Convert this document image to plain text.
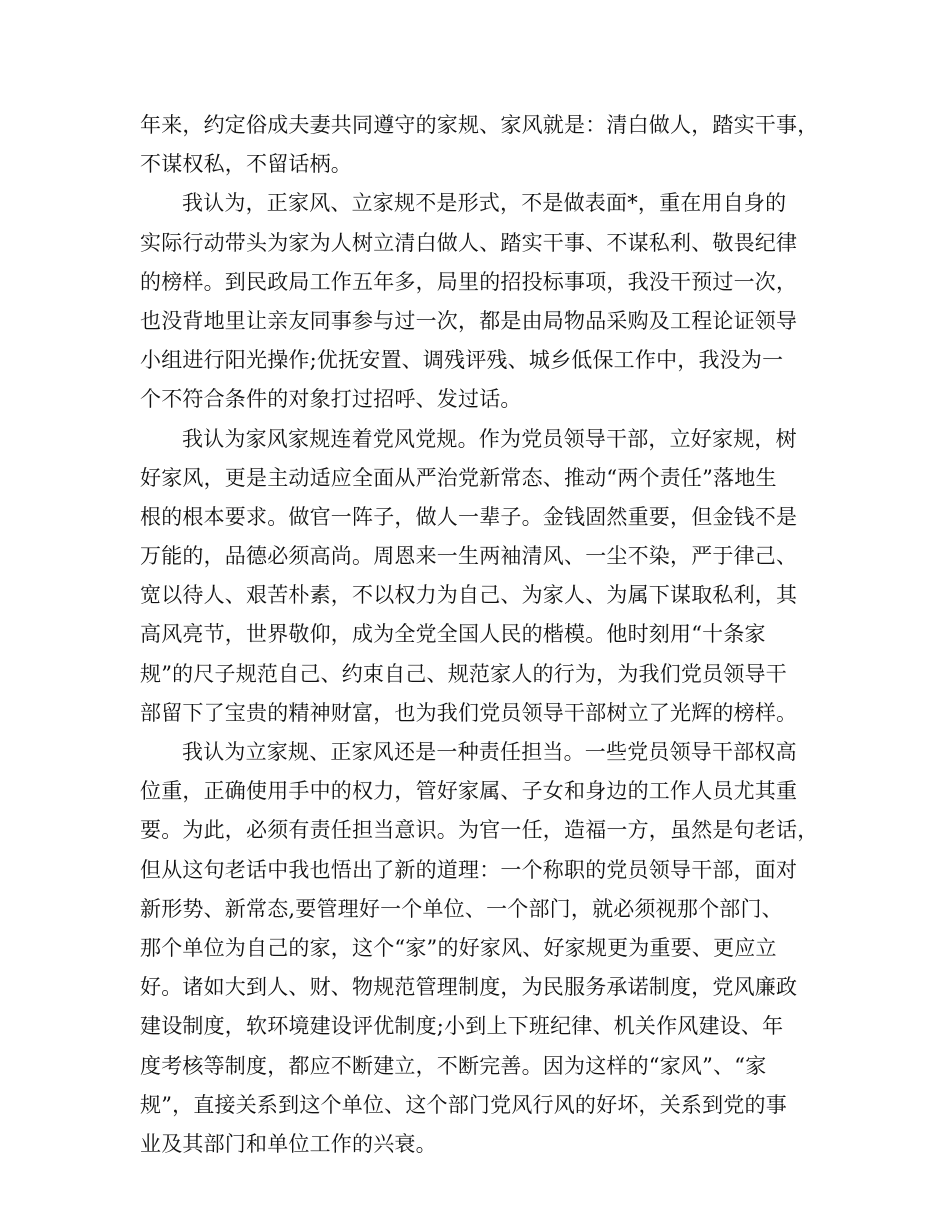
年来，约定俗成夫妻共同遵守的家规、家风就是：清白做人，踏实干事，
不谋权私，不留话柄。
我认为，正家风、立家规不是形式，不是做表面*，重在用自身的
实际行动带头为家为人树立清白做人、踏实干事、不谋私利、敬畏纪律
的榜样。到民政局工作五年多，局里的招投标事项，我没干预过一次，
也没背地里让亲友同事参与过一次，都是由局物品采购及工程论证领导
小组进行阳光操作;优抚安置、调残评残、城乡低保工作中，我没为一
个不符合条件的对象打过招呼、发过话。
我认为家风家规连着党风党规。作为党员领导干部，立好家规，树
好家风，更是主动适应全面从严治党新常态、推动“两个责任”落地生
根的根本要求。做官一阵子，做人一辈子。金钱固然重要，但金钱不是
万能的，品德必须高尚。周恩来一生两袖清风、一尘不染，严于律己、
宽以待人、艰苦朴素，不以权力为自己、为家人、为属下谋取私利，其
高风亮节，世界敬仰，成为全党全国人民的楷模。他时刻用“十条家
规”的尺子规范自己、约束自己、规范家人的行为，为我们党员领导干
部留下了宝贵的精神财富，也为我们党员领导干部树立了光辉的榜样。
我认为立家规、正家风还是一种责任担当。一些党员领导干部权高
位重，正确使用手中的权力，管好家属、子女和身边的工作人员尤其重
要。为此，必须有责任担当意识。为官一任，造福一方，虽然是句老话，
但从这句老话中我也悟出了新的道理：一个称职的党员领导干部，面对
新形势、新常态,要管理好一个单位、一个部门，就必须视那个部门、
那个单位为自己的家，这个“家”的好家风、好家规更为重要、更应立
好。诸如大到人、财、物规范管理制度，为民服务承诺制度，党风廉政
建设制度，软环境建设评优制度;小到上下班纪律、机关作风建设、年
度考核等制度，都应不断建立，不断完善。因为这样的“家风”、“家
规”，直接关系到这个单位、这个部门党风行风的好坏，关系到党的事
业及其部门和单位工作的兴衰。
